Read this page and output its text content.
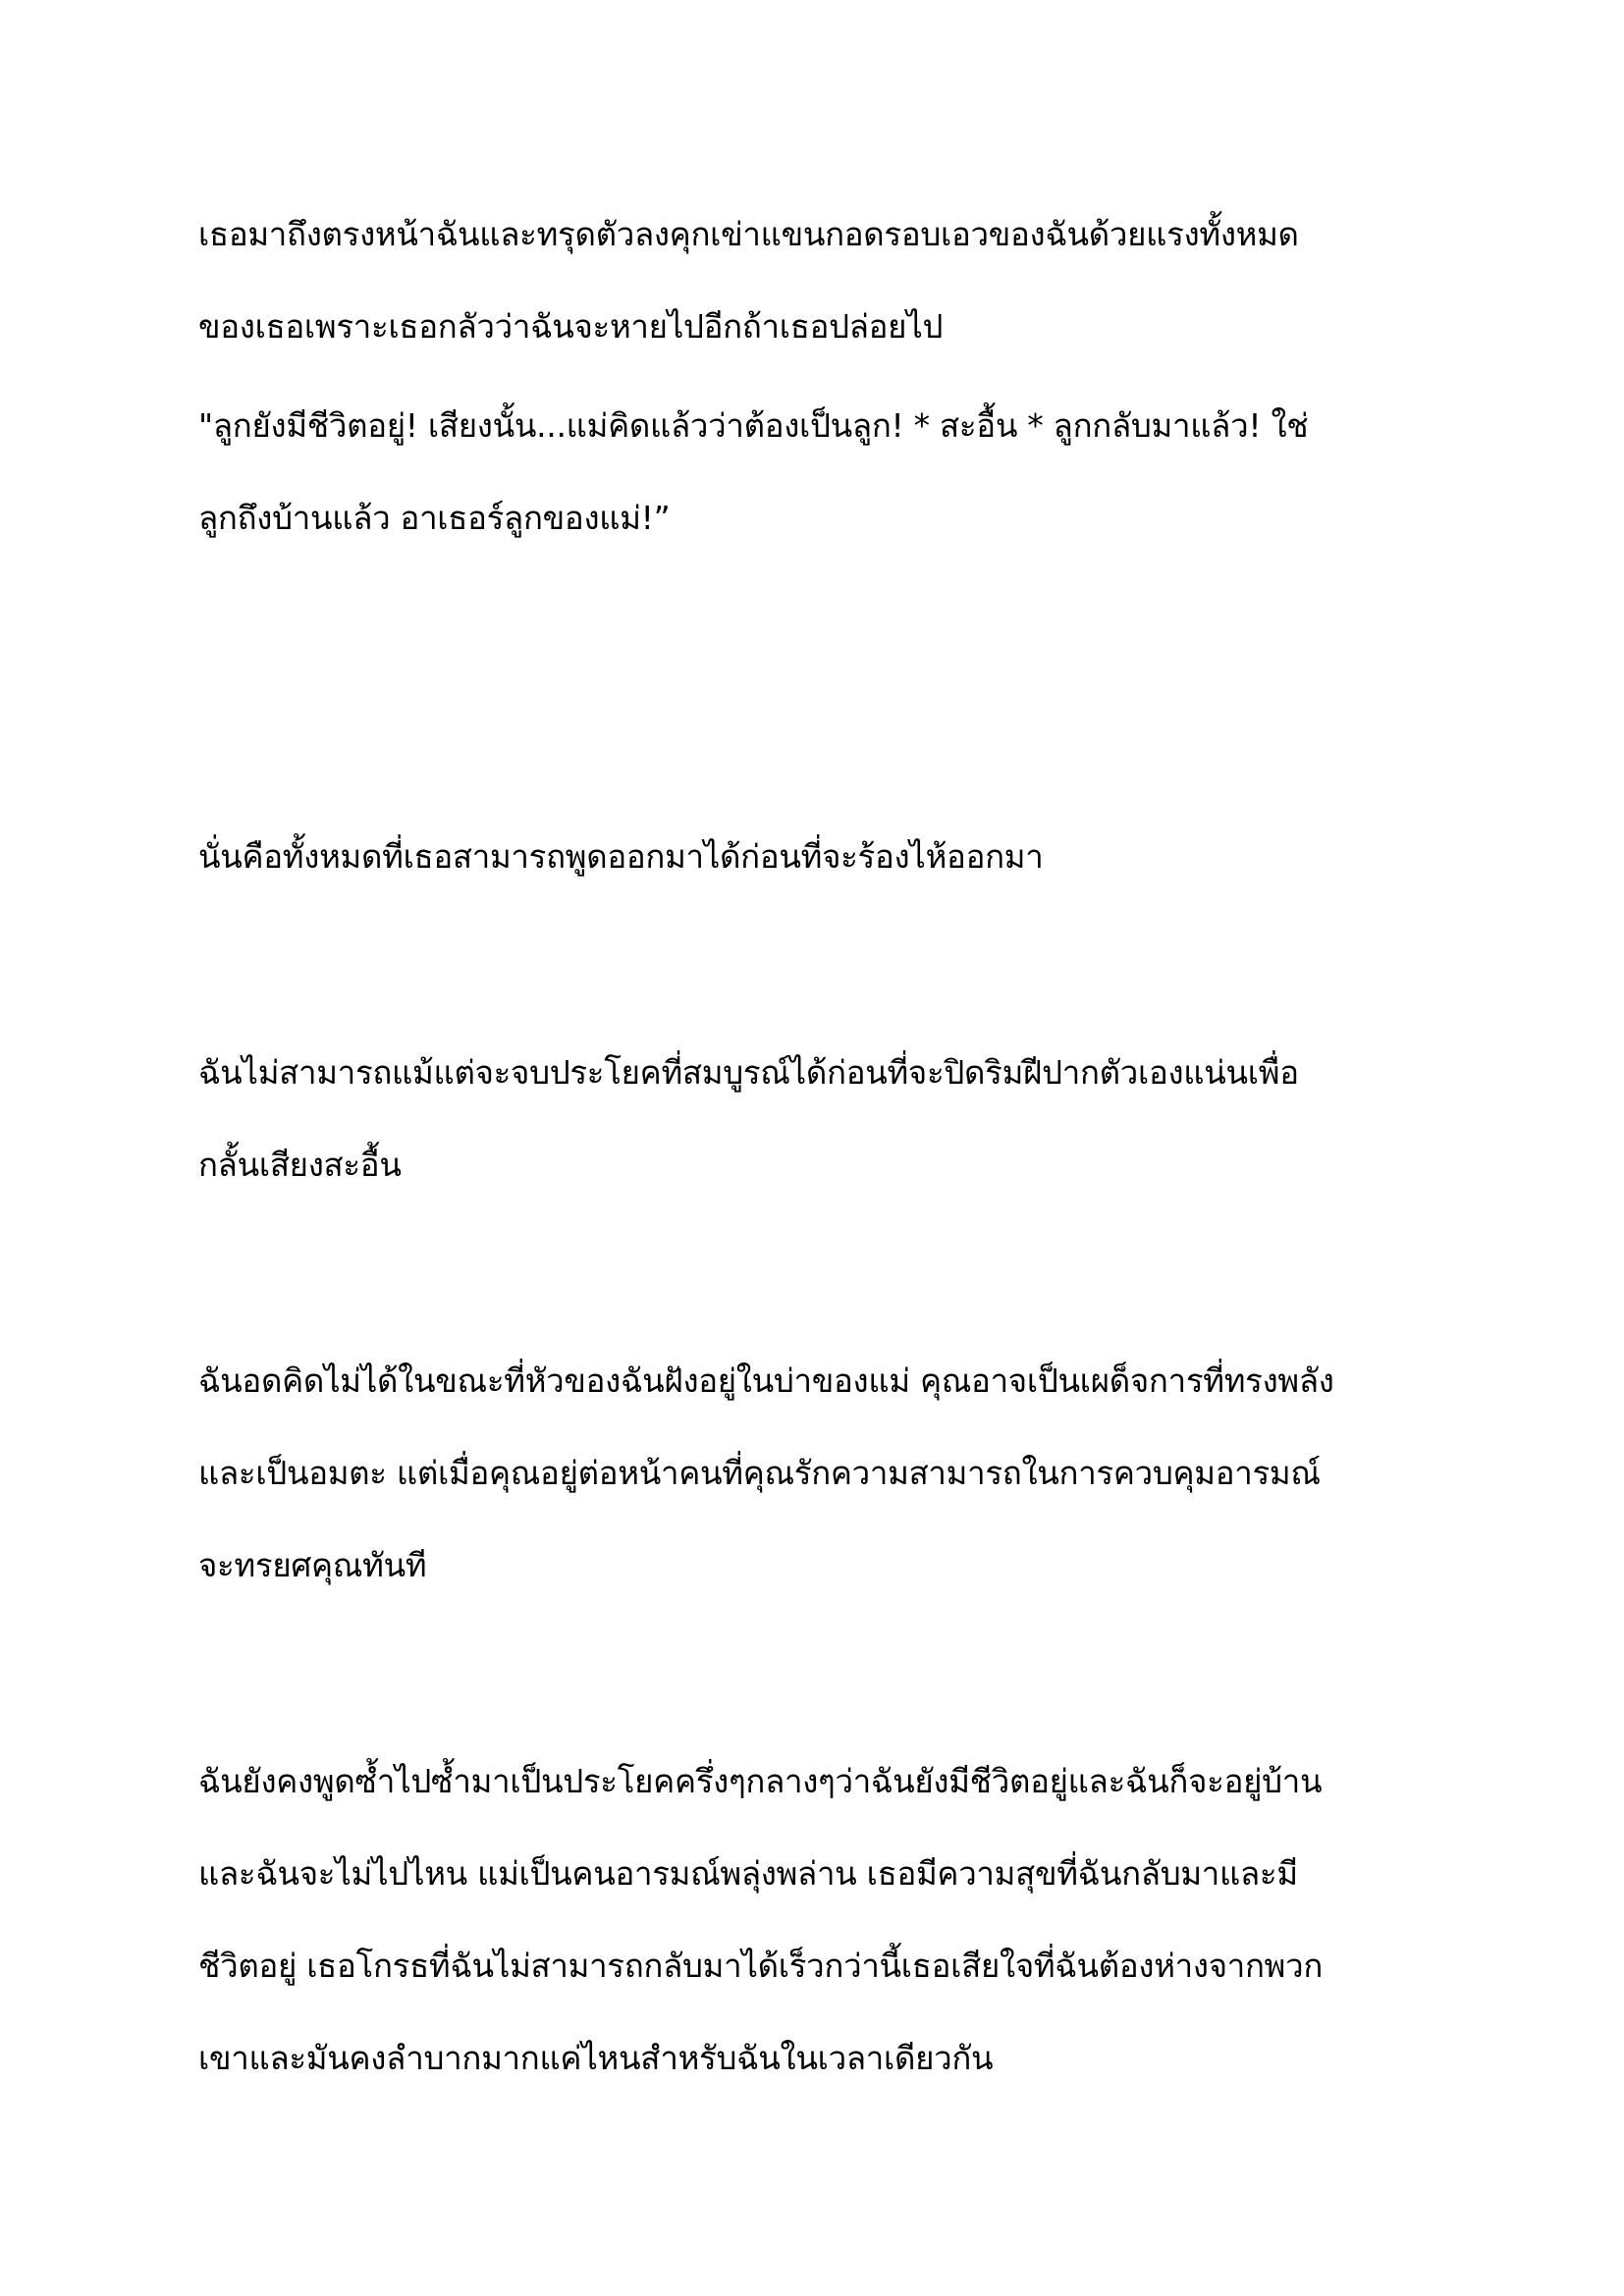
เธอมาถึงตรงหน้าฉันและทรุดตัวลงคุกเข่าแขนกอดรอบเอวของฉันด้วยแรงทั้งหมด
ของเธอเพราะเธอกลัวว่าฉันจะหายไปอีกถ้าเธอปล่อยไป
"ลูกยังมีชีวิตอยู่! เสียงนั้น...แม่คิดแล้วว่าต้องเป็นลูก! * สะอื้น * ลูกกลับมาแล้ว! ใช่
ลูกถึงบ้านแล้ว อาเธอร์ลูกของแม่!”
นั่นคือทั้งหมดที่เธอสามารถพูดออกมาได้ก่อนที่จะร้องไห้ออกมา
ฉันไม่สามารถแม้แต่จะจบประโยคที่สมบูรณ์ได้ก่อนที่จะปิดริมฝีปากตัวเองแน่นเพื่อ
กลั้นเสียงสะอื้น
ฉันอดคิดไม่ได้ในขณะที่หัวของฉันฝังอยู่ในบ่าของแม่ คุณอาจเป็นเผด็จการที่ทรงพลัง
และเป็นอมตะ แต่เมื่อคุณอยู่ต่อหน้าคนที่คุณรักความสามารถในการควบคุมอารมณ์
จะทรยศคุณทันที
ฉันยังคงพูดซ้ำไปซ้ำมาเป็นประโยคครึ่งๆกลางๆว่าฉันยังมีชีวิตอยู่และฉันก็จะอยู่บ้าน
และฉันจะไม่ไปไหน แม่เป็นคนอารมณ์พลุ่งพล่าน เธอมีความสุขที่ฉันกลับมาและมี
ชีวิตอยู่ เธอโกรธที่ฉันไม่สามารถกลับมาได้เร็วกว่านี้เธอเสียใจที่ฉันต้องห่างจากพวก
เขาและมันคงลำบากมากแค่ไหนสำหรับฉันในเวลาเดียวกัน
